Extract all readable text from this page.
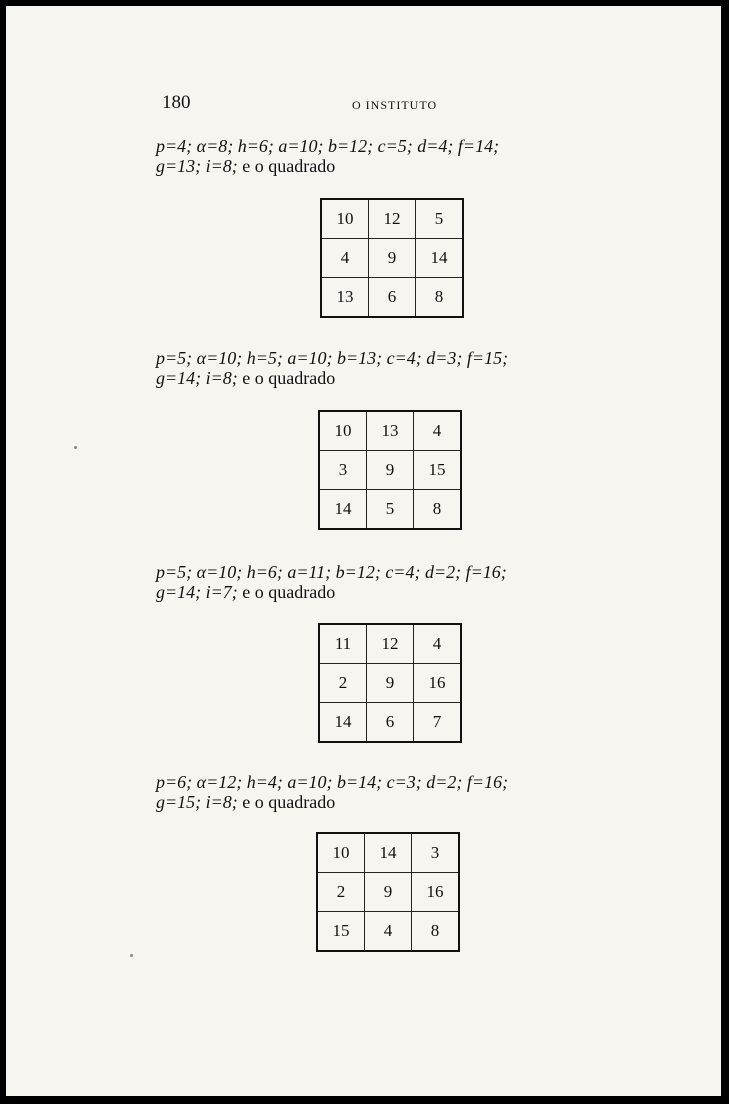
180	O INSTITUTO
p=4; α=8; h=6; a=10; b=12; c=5; d=4; f=14;
g=13; i=8; e o quadrado
10	12	5
4	9	14
13	6	8
p=5; α=10; h=5; a=10; b=13; c=4; d=3; f=15;
g=14; i=8; e o quadrado
10	13	4
3	9	15
14	5	8
p=5; α=10; h=6; a=11; b=12; c=4; d=2; f=16;
g=14; i=7; e o quadrado
11	12	4
2	9	16
14	6	7
p=6; α=12; h=4; a=10; b=14; c=3; d=2; f=16;
g=15; i=8; e o quadrado
10	14	3
2	9	16
15	4	8
